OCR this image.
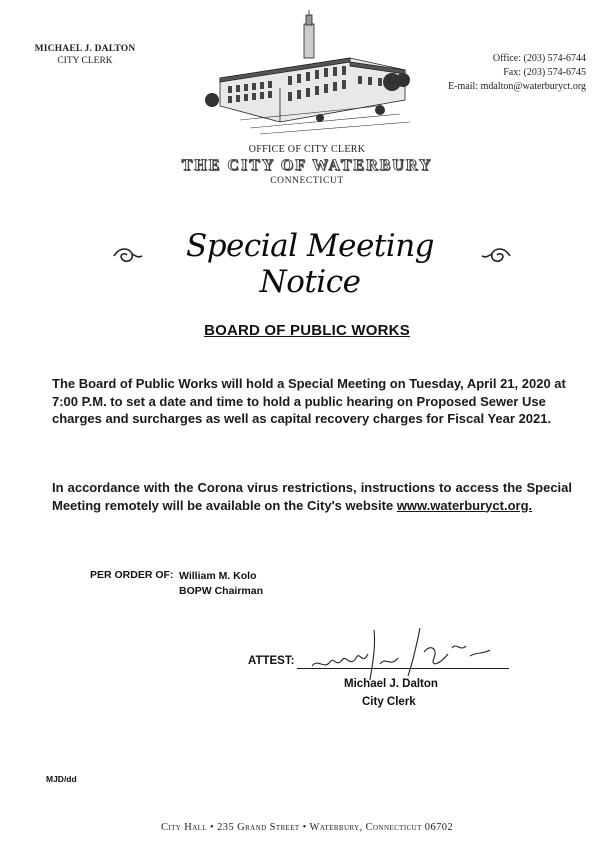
MICHAEL J. DALTON
CITY CLERK	Office: (203) 574-6744
Fax: (203) 574-6745
E-mail: mdalton@waterburyct.org
OFFICE OF CITY CLERK
THE CITY OF WATERBURY
CONNECTICUT
Special Meeting Notice
BOARD OF PUBLIC WORKS
The Board of Public Works will hold a Special Meeting on Tuesday, April 21, 2020 at 7:00 P.M. to set a date and time to hold a public hearing on Proposed Sewer Use charges and surcharges as well as capital recovery charges for Fiscal Year 2021.
In accordance with the Corona virus restrictions, instructions to access the Special Meeting remotely will be available on the City's website www.waterburyct.org.
PER ORDER OF: William M. Kolo
BOPW Chairman
ATTEST:
Michael J. Dalton
City Clerk
MJD/dd
City Hall • 235 Grand Street • Waterbury, Connecticut 06702
